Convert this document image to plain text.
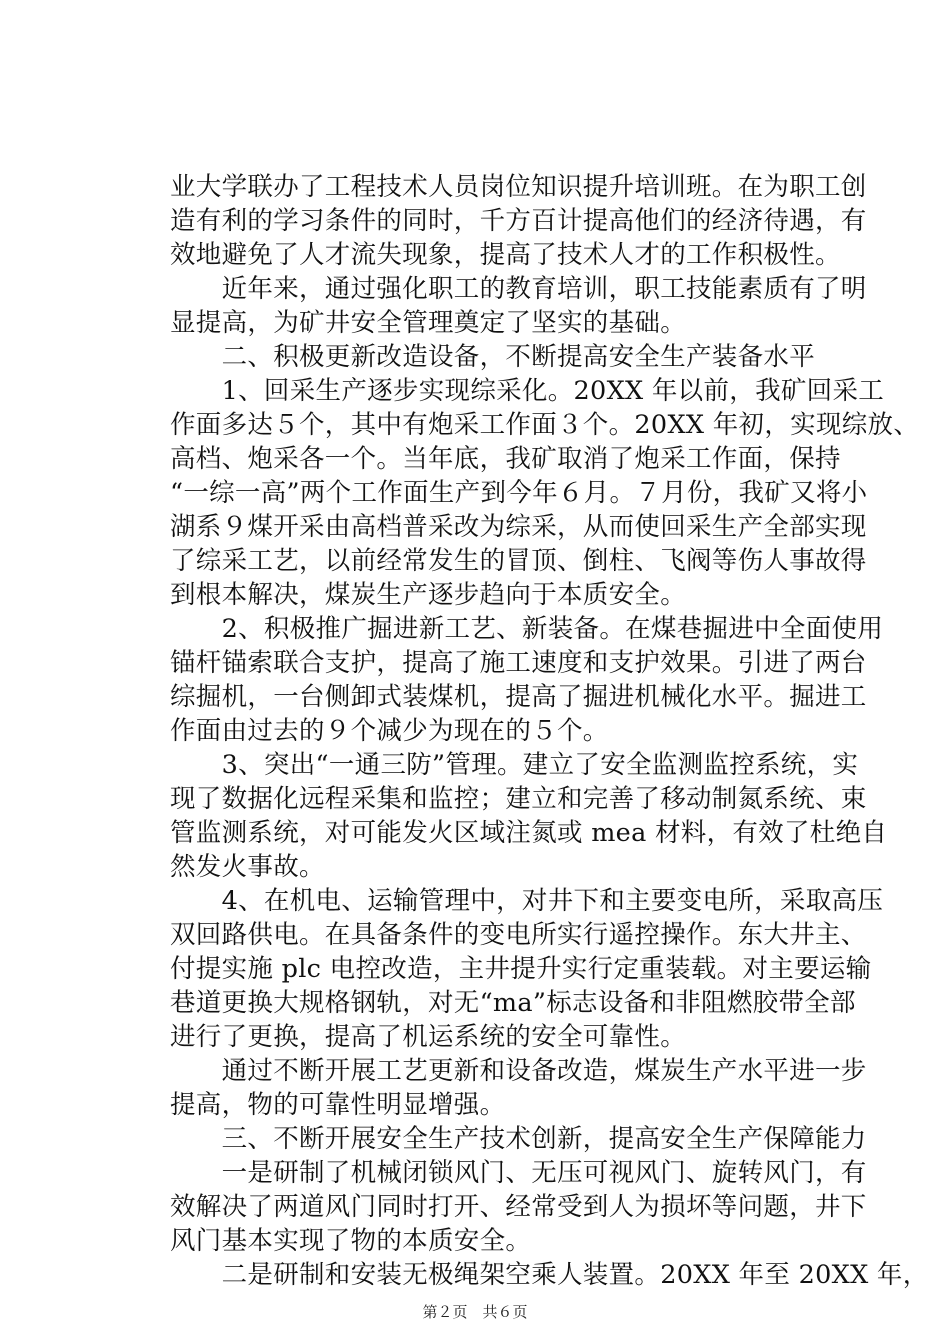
业大学联办了工程技术人员岗位知识提升培训班。在为职工创
造有利的学习条件的同时，千方百计提高他们的经济待遇，有
效地避免了人才流失现象，提高了技术人才的工作积极性。
　　近年来，通过强化职工的教育培训，职工技能素质有了明
显提高，为矿井安全管理奠定了坚实的基础。
　　二、积极更新改造设备，不断提高安全生产装备水平
　　1、回采生产逐步实现综采化。20XX 年以前，我矿回采工
作面多达５个，其中有炮采工作面３个。20XX 年初，实现综放、
高档、炮采各一个。当年底，我矿取消了炮采工作面，保持
“一综一高”两个工作面生产到今年６月。７月份，我矿又将小
湖系９煤开采由高档普采改为综采，从而使回采生产全部实现
了综采工艺，以前经常发生的冒顶、倒柱、飞阀等伤人事故得
到根本解决，煤炭生产逐步趋向于本质安全。
　　2、积极推广掘进新工艺、新装备。在煤巷掘进中全面使用
锚杆锚索联合支护，提高了施工速度和支护效果。引进了两台
综掘机，一台侧卸式装煤机，提高了掘进机械化水平。掘进工
作面由过去的９个减少为现在的５个。
　　3、突出“一通三防”管理。建立了安全监测监控系统，实
现了数据化远程采集和监控；建立和完善了移动制氮系统、束
管监测系统，对可能发火区域注氮或 mea 材料，有效了杜绝自
然发火事故。
　　4、在机电、运输管理中，对井下和主要变电所，采取高压
双回路供电。在具备条件的变电所实行遥控操作。东大井主、
付提实施 plc 电控改造，主井提升实行定重装载。对主要运输
巷道更换大规格钢轨，对无“ma”标志设备和非阻燃胶带全部
进行了更换，提高了机运系统的安全可靠性。
　　通过不断开展工艺更新和设备改造，煤炭生产水平进一步
提高，物的可靠性明显增强。
　　三、不断开展安全生产技术创新，提高安全生产保障能力
　　一是研制了机械闭锁风门、无压可视风门、旋转风门，有
效解决了两道风门同时打开、经常受到人为损坏等问题，井下
风门基本实现了物的本质安全。
　　二是研制和安装无极绳架空乘人装置。20XX 年至 20XX 年，
第２页　共６页
